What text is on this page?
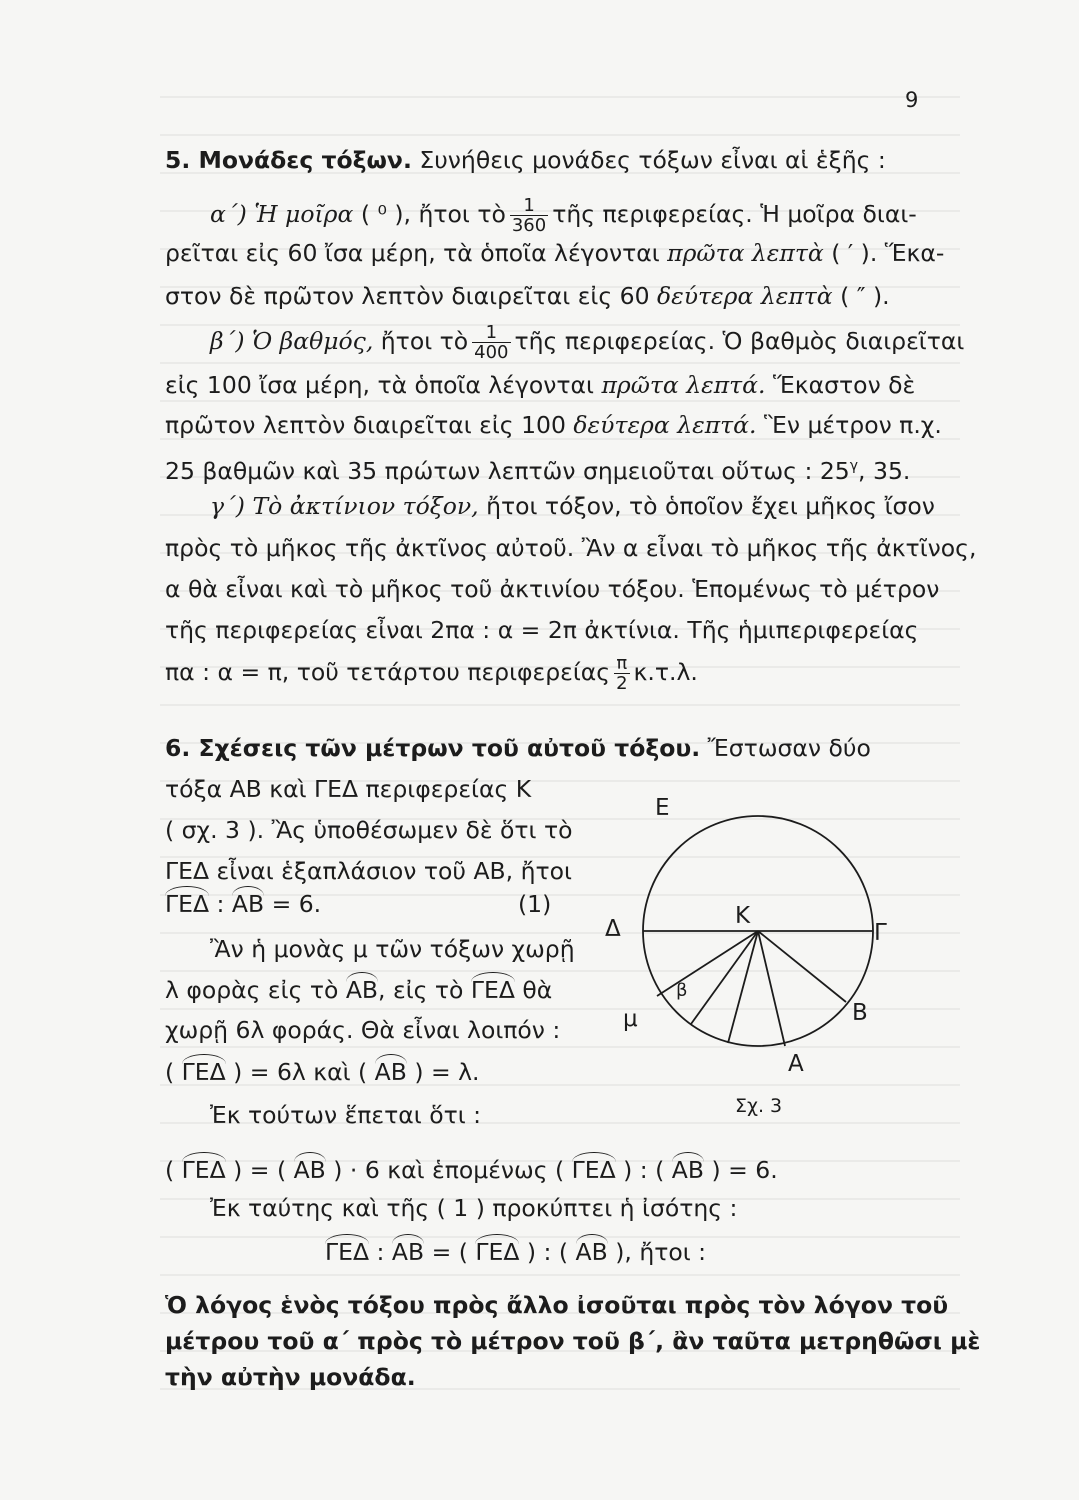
9
5. Μονάδες τόξων. Συνήθεις μονάδες τόξων εἶναι αἱ ἑξῆς :
α΄) Ἡ μοῖρα ( ⁰ ), ἤτοι τὸ $\frac{1}{360}$ τῆς περιφερείας. Ἡ μοῖρα διαι-
ρεῖται εἰς 60 ἴσα μέρη, τὰ ὁποῖα λέγονται πρῶτα λεπτὰ ( ′ ). Ἕκα-
στον δὲ πρῶτον λεπτὸν διαιρεῖται εἰς 60 δεύτερα λεπτὰ ( ″ ).
β΄) Ὁ βαθμός, ἤτοι τὸ $\frac{1}{400}$ τῆς περιφερείας. Ὁ βαθμὸς διαιρεῖται
εἰς 100 ἴσα μέρη, τὰ ὁποῖα λέγονται πρῶτα λεπτά. Ἕκαστον δὲ
πρῶτον λεπτὸν διαιρεῖται εἰς 100 δεύτερα λεπτά. Ἓν μέτρον π.χ.
25 βαθμῶν καὶ 35 πρώτων λεπτῶν σημειοῦται οὕτως : $25^\gamma$, 35.
γ΄) Τὸ ἀκτίνιον τόξον, ἤτοι τόξον, τὸ ὁποῖον ἔχει μῆκος ἴσον
πρὸς τὸ μῆκος τῆς ἀκτῖνος αὐτοῦ. Ἂν α εἶναι τὸ μῆκος τῆς ἀκτῖνος,
α θὰ εἶναι καὶ τὸ μῆκος τοῦ ἀκτινίου τόξου. Ἑπομένως τὸ μέτρον
τῆς περιφερείας εἶναι 2πα : α = 2π ἀκτίνια. Τῆς ἡμιπεριφερείας
πα : α = π, τοῦ τετάρτου περιφερείας $\frac{\pi}{2} \kappa.\tau.\lambda$.
6. Σχέσεις τῶν μέτρων τοῦ αὐτοῦ τόξου. Ἔστωσαν δύο
τόξα ΑΒ καὶ ΓΕΔ περιφερείας Κ
( σχ. 3 ). Ἂς ὑποθέσωμεν δὲ ὅτι τὸ
ΓΕΔ εἶναι ἑξαπλάσιον τοῦ ΑΒ, ἤτοι
ΓΕΔ : ΑΒ = 6.	(1)
Ἂν ἡ μονὰς μ τῶν τόξων χωρῇ
λ φορὰς εἰς τὸ ΑΒ, εἰς τὸ ΓΕΔ θὰ
χωρῇ 6λ φοράς. Θὰ εἶναι λοιπόν :
( ΓΕΔ ) = 6λ καὶ ( ΑΒ ) = λ.
Ἐκ τούτων ἕπεται ὅτι :
( ΓΕΔ ) = ( ΑΒ ) · 6 καὶ ἑπομένως ( ΓΕΔ ) : ( ΑΒ ) = 6.
Ἐκ ταύτης καὶ τῆς ( 1 ) προκύπτει ἡ ἰσότης :
ΓΕΔ : ΑΒ = ( ΓΕΔ ) : ( ΑΒ ), ἤτοι :
Ὁ λόγος ἑνὸς τόξου πρὸς ἄλλο ἰσοῦται πρὸς τὸν λόγον τοῦ
μέτρου τοῦ α΄ πρὸς τὸ μέτρον τοῦ β΄, ἂν ταῦτα μετρηθῶσι μὲ
τὴν αὐτὴν μονάδα.
Ε
Κ
Δ	Γ
Β
Α
μ
β
Σχ. 3
